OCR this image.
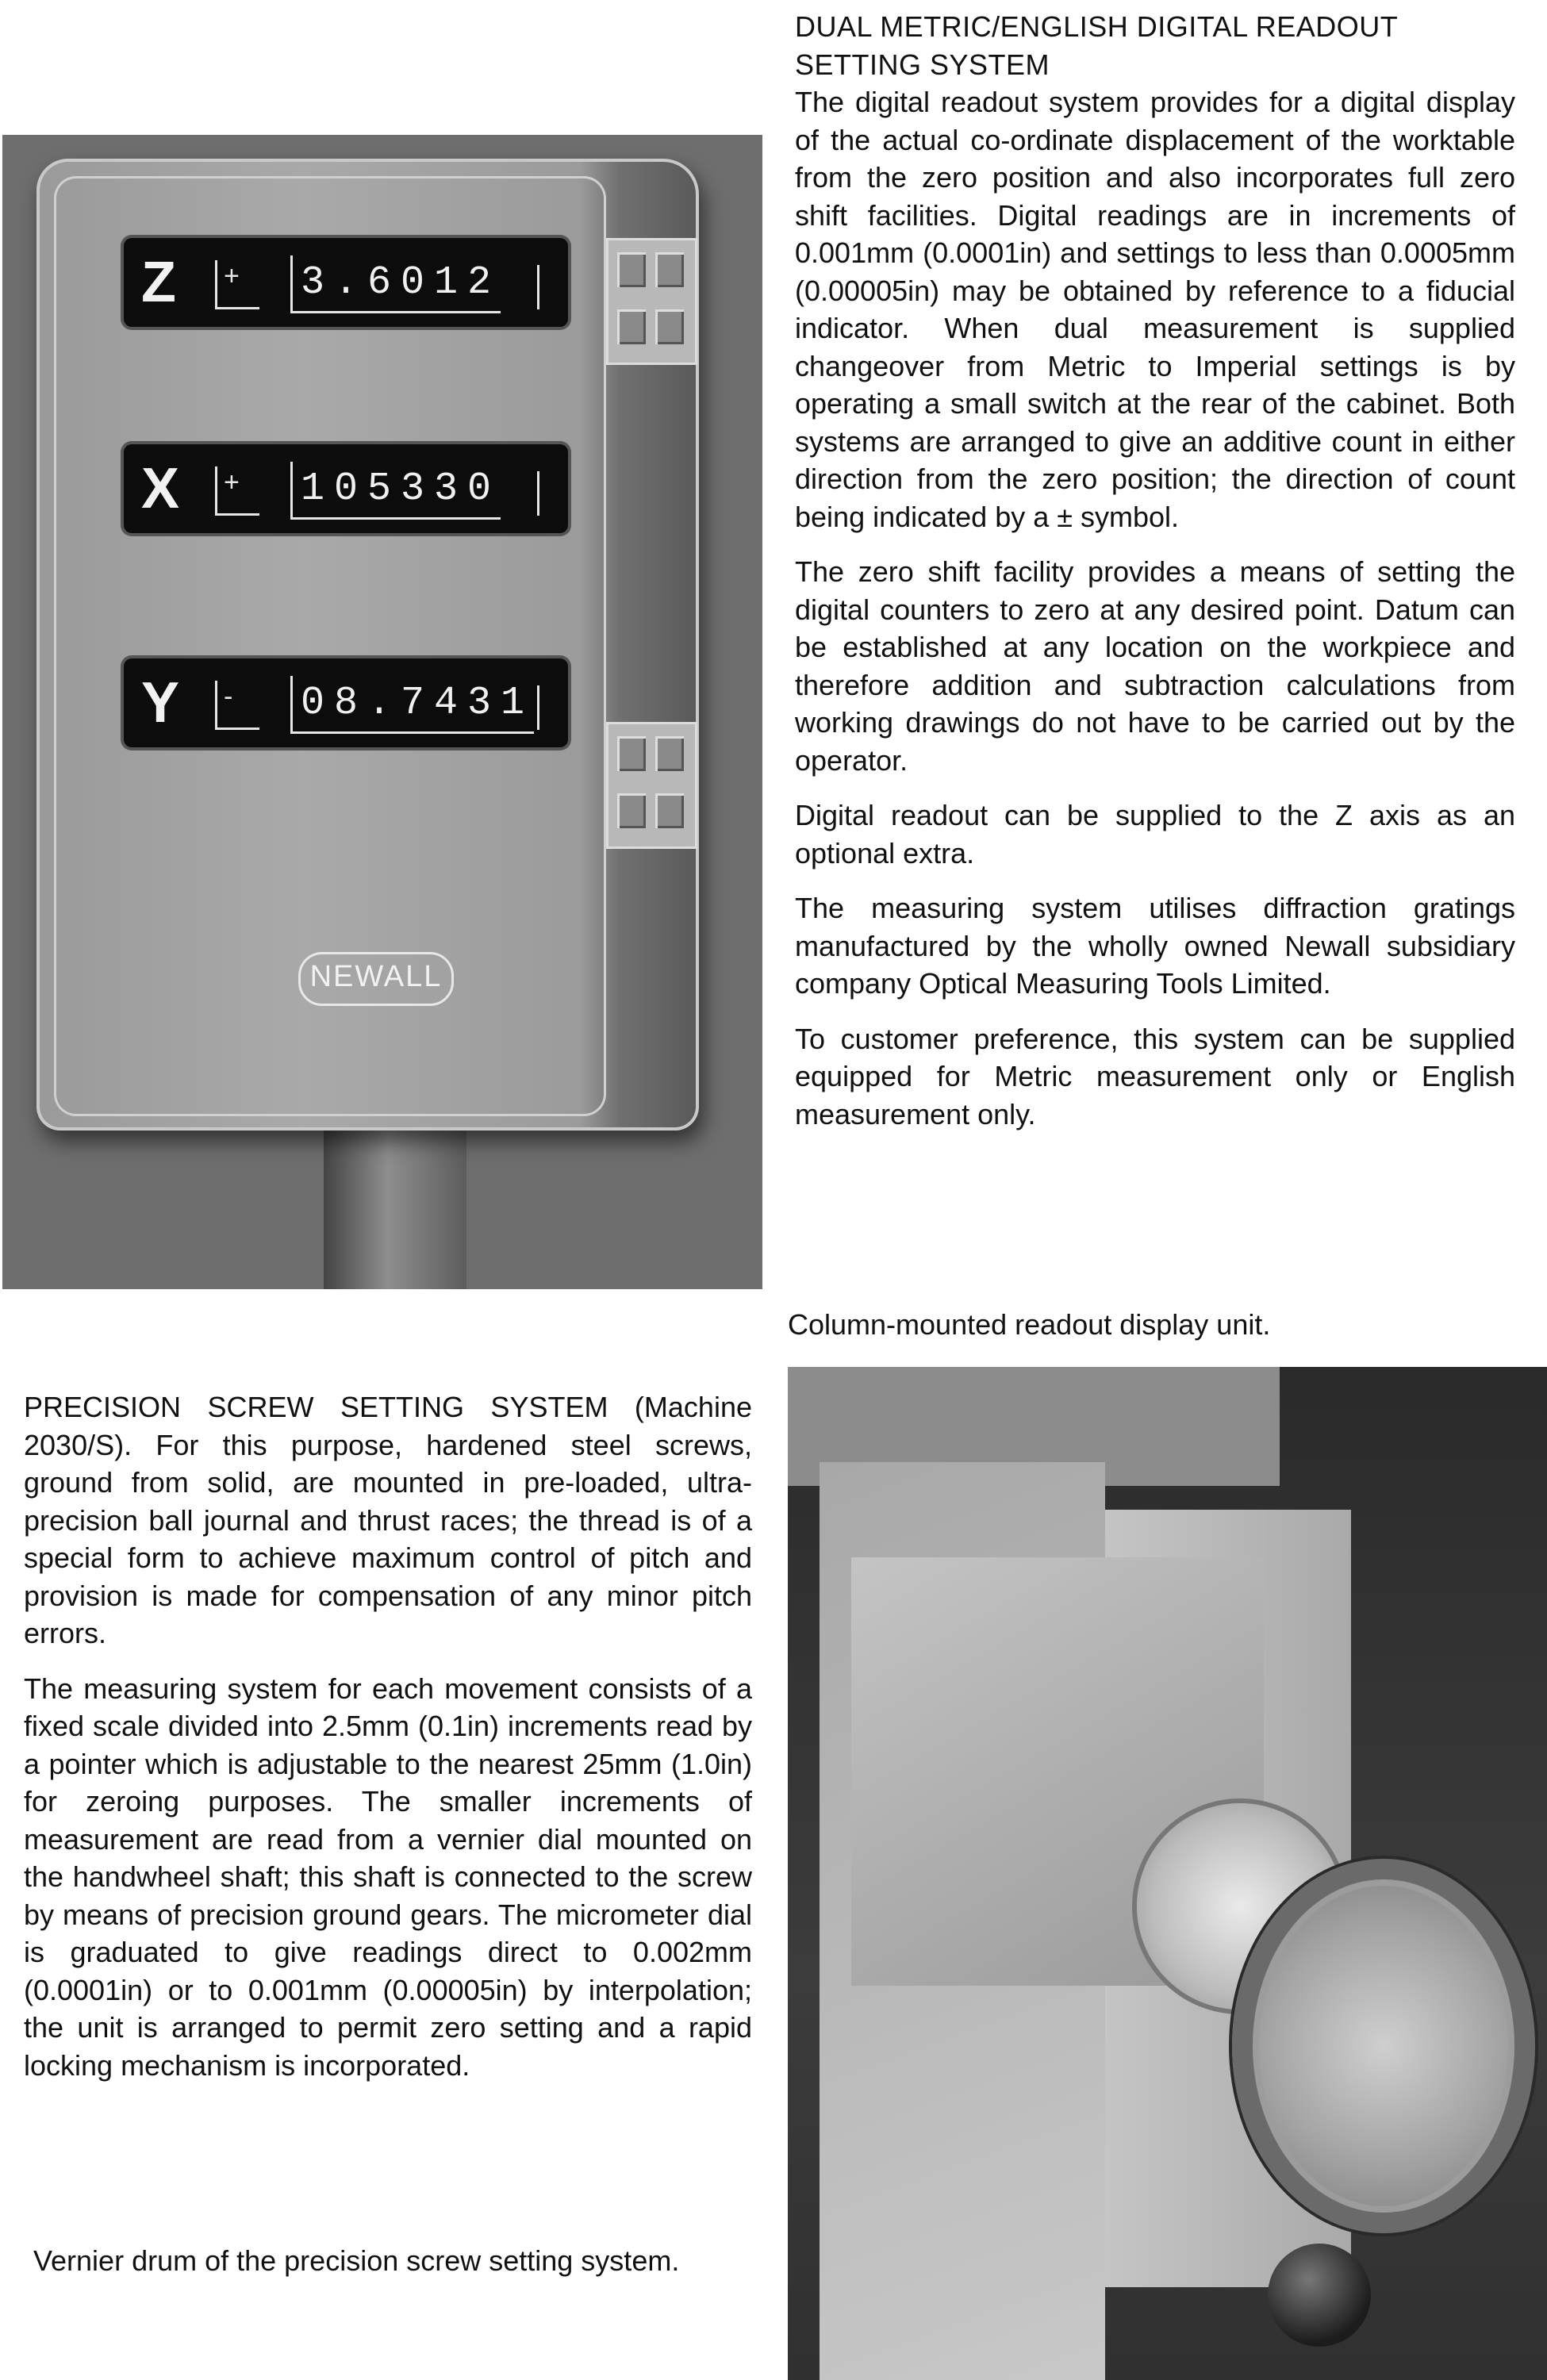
Z	+	3.6012
X	+	105330
Y	-	08.7431
NEWALL
DUAL METRIC/ENGLISH DIGITAL READOUT SETTING SYSTEM

The digital readout system provides for a digital display of the actual co-ordinate displacement of the worktable from the zero position and also incorporates full zero shift facilities. Digital readings are in increments of 0.001mm (0.0001in) and settings to less than 0.0005mm (0.00005in) may be obtained by reference to a fiducial indicator. When dual measurement is supplied changeover from Metric to Imperial settings is by operating a small switch at the rear of the cabinet. Both systems are arranged to give an additive count in either direction from the zero position; the direction of count being indicated by a ± symbol.

The zero shift facility provides a means of setting the digital counters to zero at any desired point. Datum can be established at any location on the workpiece and therefore addition and subtraction calculations from working drawings do not have to be carried out by the operator.

Digital readout can be supplied to the Z axis as an optional extra.

The measuring system utilises diffraction gratings manufactured by the wholly owned Newall subsidiary company Optical Measuring Tools Limited.

To customer preference, this system can be supplied equipped for Metric measurement only or English measurement only.

Column-mounted readout display unit.

PRECISION SCREW SETTING SYSTEM (Machine 2030/S). For this purpose, hardened steel screws, ground from solid, are mounted in pre-loaded, ultra-precision ball journal and thrust races; the thread is of a special form to achieve maximum control of pitch and provision is made for compensation of any minor pitch errors.

The measuring system for each movement consists of a fixed scale divided into 2.5mm (0.1in) increments read by a pointer which is adjustable to the nearest 25mm (1.0in) for zeroing purposes. The smaller increments of measurement are read from a vernier dial mounted on the handwheel shaft; this shaft is connected to the screw by means of precision ground gears. The micrometer dial is graduated to give readings direct to 0.002mm (0.0001in) or to 0.001mm (0.00005in) by interpolation; the unit is arranged to permit zero setting and a rapid locking mechanism is incorporated.

Vernier drum of the precision screw setting system.
